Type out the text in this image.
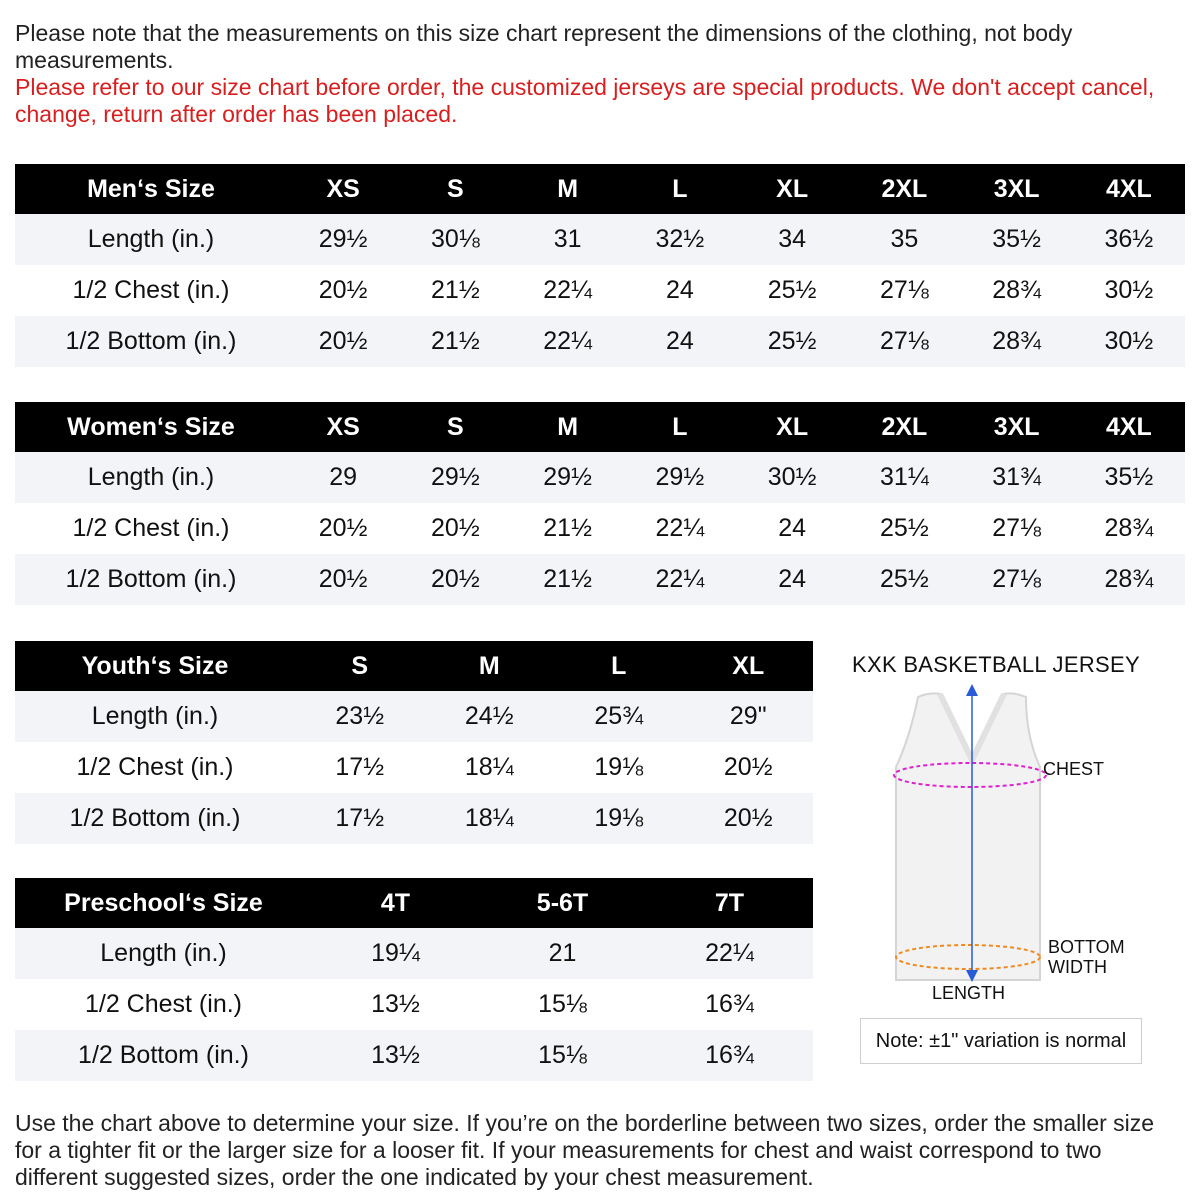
Please note that the measurements on this size chart represent the dimensions of the clothing, not body measurements.
Please refer to our size chart before order, the customized jerseys are special products. We don't accept cancel, change, return after order has been placed.
Men‘s Size	XS	S	M	L	XL	2XL	3XL	4XL
Length (in.)	29½	30⅛	31	32½	34	35	35½	36½
1/2 Chest (in.)	20½	21½	22¼	24	25½	27⅛	28¾	30½
1/2 Bottom (in.)	20½	21½	22¼	24	25½	27⅛	28¾	30½
Women‘s Size	XS	S	M	L	XL	2XL	3XL	4XL
Length (in.)	29	29½	29½	29½	30½	31¼	31¾	35½
1/2 Chest (in.)	20½	20½	21½	22¼	24	25½	27⅛	28¾
1/2 Bottom (in.)	20½	20½	21½	22¼	24	25½	27⅛	28¾
Youth‘s Size	S	M	L	XL
Length (in.)	23½	24½	25¾	29"
1/2 Chest (in.)	17½	18¼	19⅛	20½
1/2 Bottom (in.)	17½	18¼	19⅛	20½
Preschool‘s Size	4T	5-6T	7T
Length (in.)	19¼	21	22¼
1/2 Chest (in.)	13½	15⅛	16¾
1/2 Bottom (in.)	13½	15⅛	16¾
KXK BASKETBALL JERSEY
CHEST
BOTTOM
WIDTH
LENGTH
Note: ±1" variation is normal
Use the chart above to determine your size. If you’re on the borderline between two sizes, order the smaller size for a tighter fit or the larger size for a looser fit. If your measurements for chest and waist correspond to two different suggested sizes, order the one indicated by your chest measurement.
